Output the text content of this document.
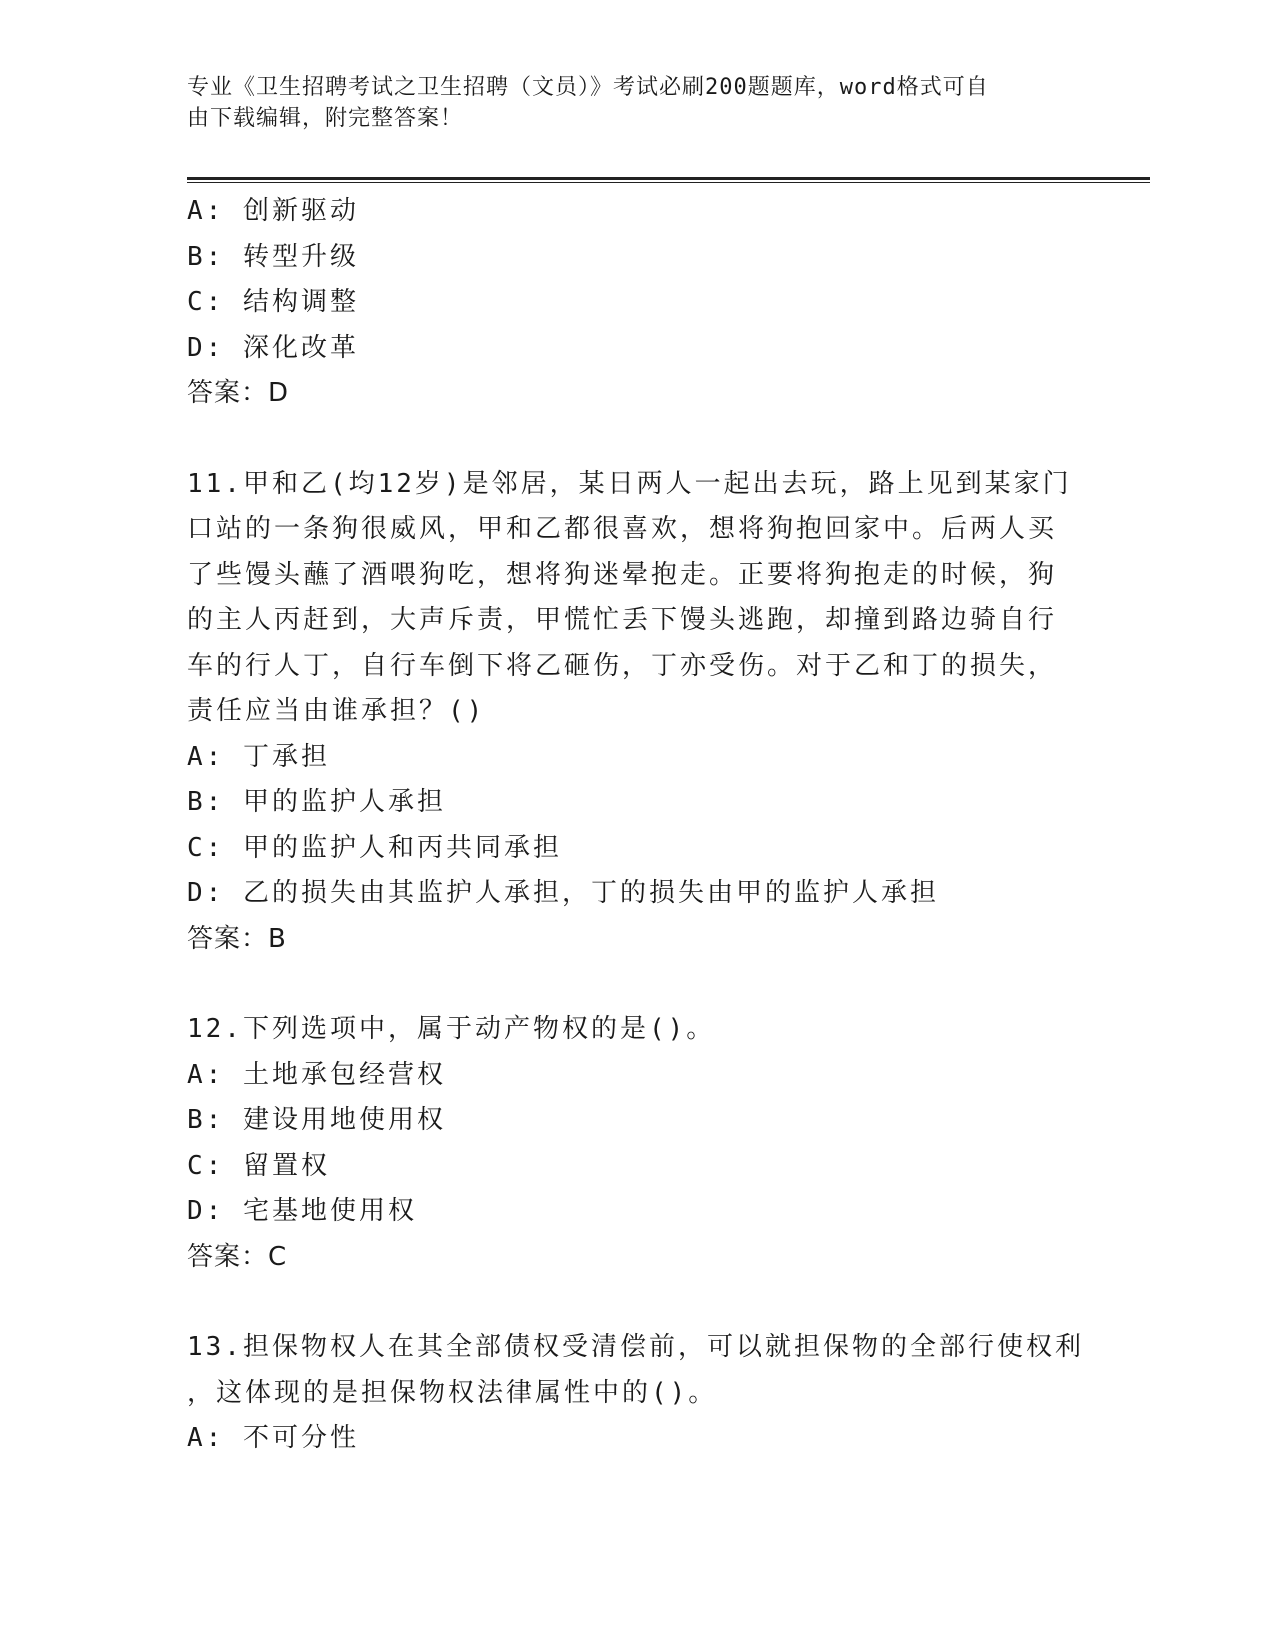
专业《卫生招聘考试之卫生招聘（文员）》考试必刷200题题库，word格式可自
由下载编辑，附完整答案！
A: 创新驱动
B: 转型升级
C: 结构调整
D: 深化改革
答案：D
11.甲和乙(均12岁)是邻居，某日两人一起出去玩，路上见到某家门
口站的一条狗很威风，甲和乙都很喜欢，想将狗抱回家中。后两人买
了些馒头蘸了酒喂狗吃，想将狗迷晕抱走。正要将狗抱走的时候，狗
的主人丙赶到，大声斥责，甲慌忙丢下馒头逃跑，却撞到路边骑自行
车的行人丁，自行车倒下将乙砸伤，丁亦受伤。对于乙和丁的损失，
责任应当由谁承担？()
A: 丁承担
B: 甲的监护人承担
C: 甲的监护人和丙共同承担
D: 乙的损失由其监护人承担，丁的损失由甲的监护人承担
答案：B
12.下列选项中，属于动产物权的是()。
A: 土地承包经营权
B: 建设用地使用权
C: 留置权
D: 宅基地使用权
答案：C
13.担保物权人在其全部债权受清偿前，可以就担保物的全部行使权利
，这体现的是担保物权法律属性中的()。
A: 不可分性
